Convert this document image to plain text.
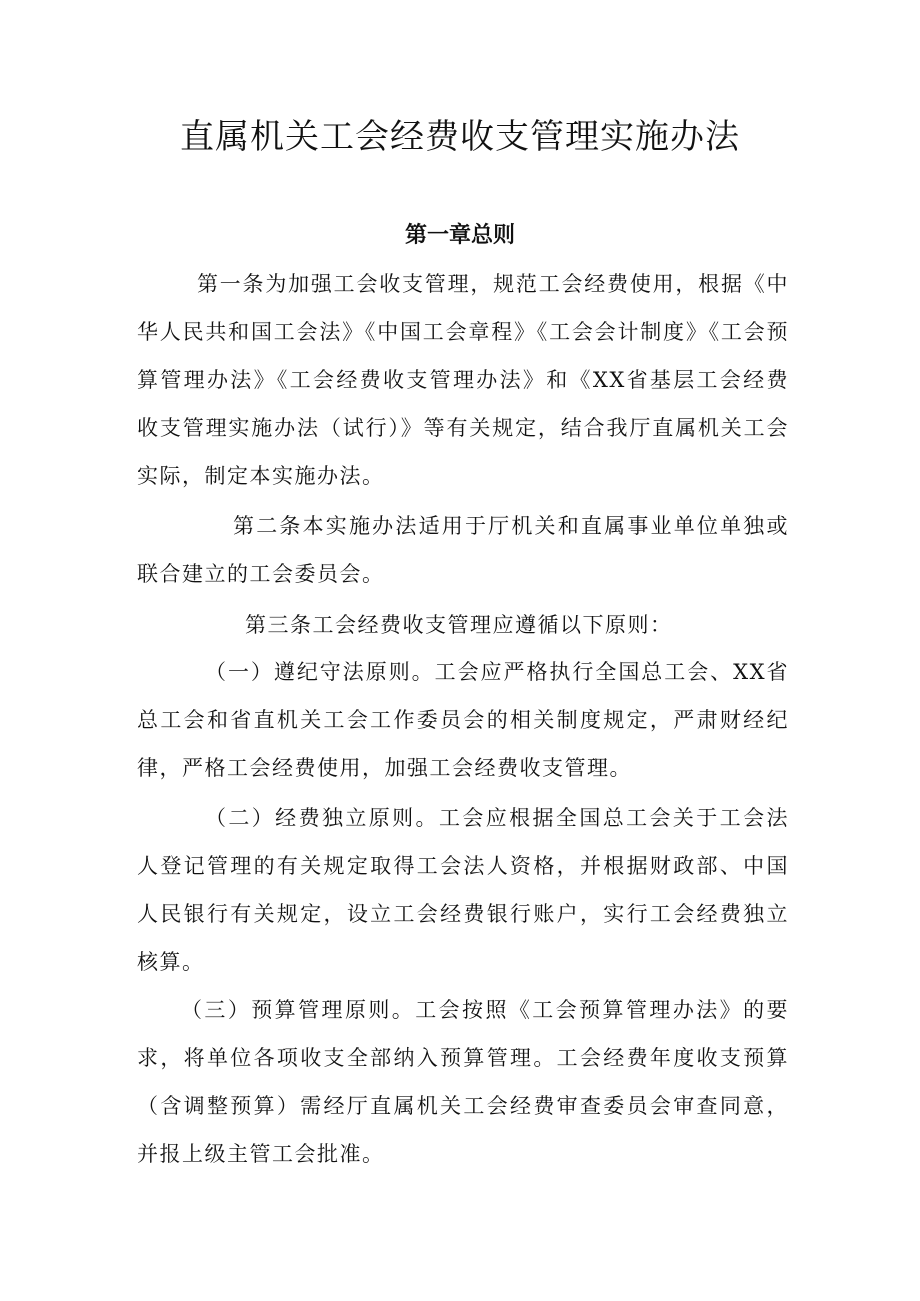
直属机关工会经费收支管理实施办法
第一章总则

第一条为加强工会收支管理，规范工会经费使用，根据《中华人民共和国工会法》《中国工会章程》《工会会计制度》《工会预算管理办法》《工会经费收支管理办法》和《XX省基层工会经费收支管理实施办法（试行）》等有关规定，结合我厅直属机关工会实际，制定本实施办法。

第二条本实施办法适用于厅机关和直属事业单位单独或联合建立的工会委员会。

第三条工会经费收支管理应遵循以下原则：

（一）遵纪守法原则。工会应严格执行全国总工会、XX省总工会和省直机关工会工作委员会的相关制度规定，严肃财经纪律，严格工会经费使用，加强工会经费收支管理。

（二）经费独立原则。工会应根据全国总工会关于工会法人登记管理的有关规定取得工会法人资格，并根据财政部、中国人民银行有关规定，设立工会经费银行账户，实行工会经费独立核算。

（三）预算管理原则。工会按照《工会预算管理办法》的要求，将单位各项收支全部纳入预算管理。工会经费年度收支预算（含调整预算）需经厅直属机关工会经费审查委员会审查同意，并报上级主管工会批准。
